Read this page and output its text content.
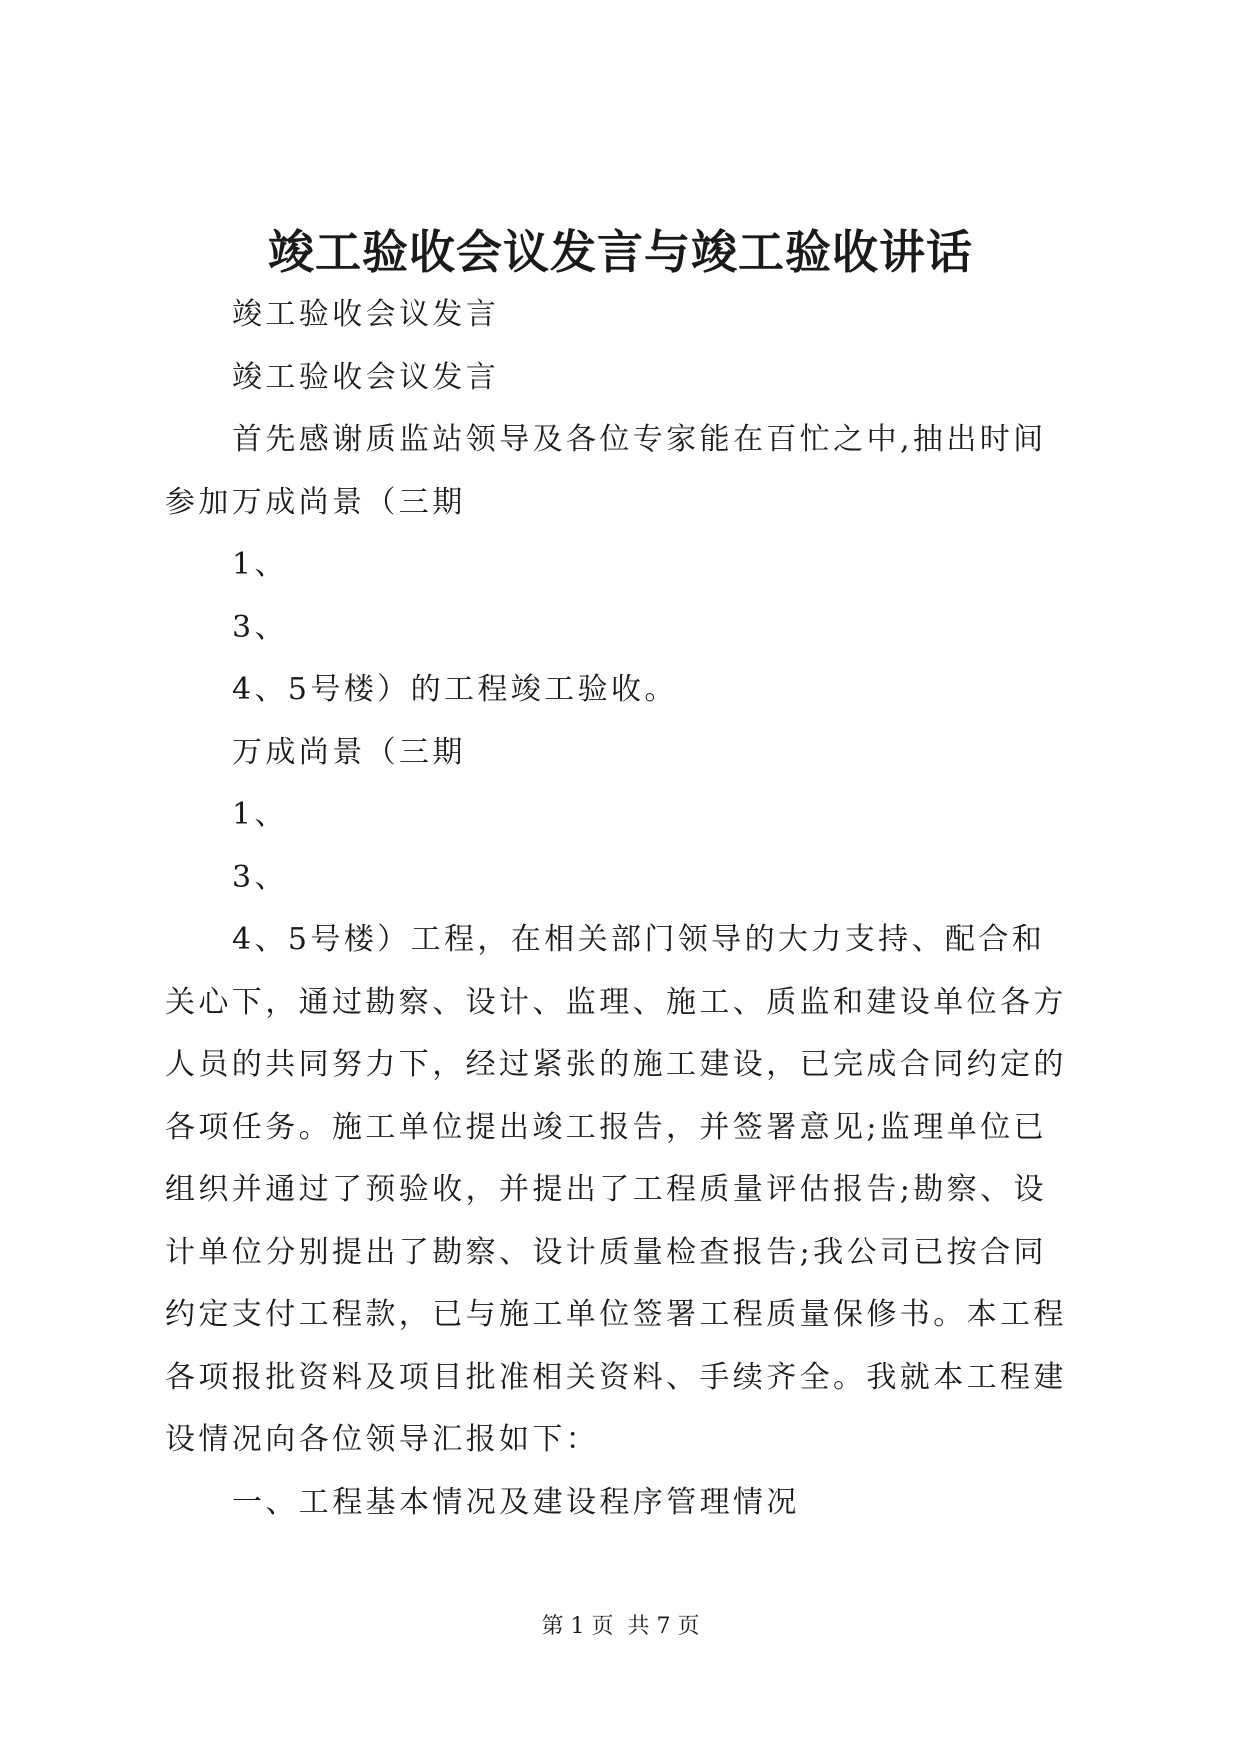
竣工验收会议发言与竣工验收讲话

竣工验收会议发言

竣工验收会议发言

首先感谢质监站领导及各位专家能在百忙之中,抽出时间参加万成尚景（三期

1、

3、

4、5号楼）的工程竣工验收。

万成尚景（三期

1、

3、

4、5号楼）工程，在相关部门领导的大力支持、配合和关心下，通过勘察、设计、监理、施工、质监和建设单位各方人员的共同努力下，经过紧张的施工建设，已完成合同约定的各项任务。施工单位提出竣工报告，并签署意见;监理单位已组织并通过了预验收，并提出了工程质量评估报告;勘察、设计单位分别提出了勘察、设计质量检查报告;我公司已按合同约定支付工程款，已与施工单位签署工程质量保修书。本工程各项报批资料及项目批准相关资料、手续齐全。我就本工程建设情况向各位领导汇报如下：

一、工程基本情况及建设程序管理情况

第 1 页  共 7 页
